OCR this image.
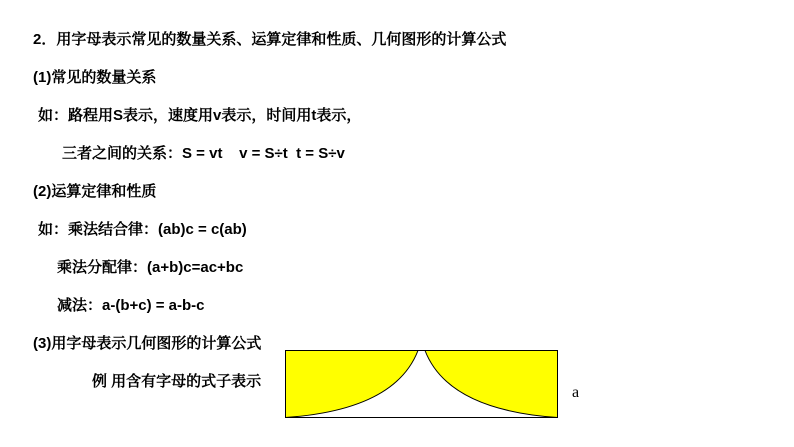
2．用字母表示常见的数量关系、运算定律和性质、几何图形的计算公式
(1)常见的数量关系
如：路程用S表示，速度用v表示，时间用t表示，
三者之间的关系：S = vt    v = S÷t  t = S÷v
(2)运算定律和性质
如：乘法结合律：(ab)c = c(ab)
乘法分配律：(a+b)c=ac+bc
减法：a-(b+c) = a-b-c
(3)用字母表示几何图形的计算公式
例 用含有字母的式子表示
a
